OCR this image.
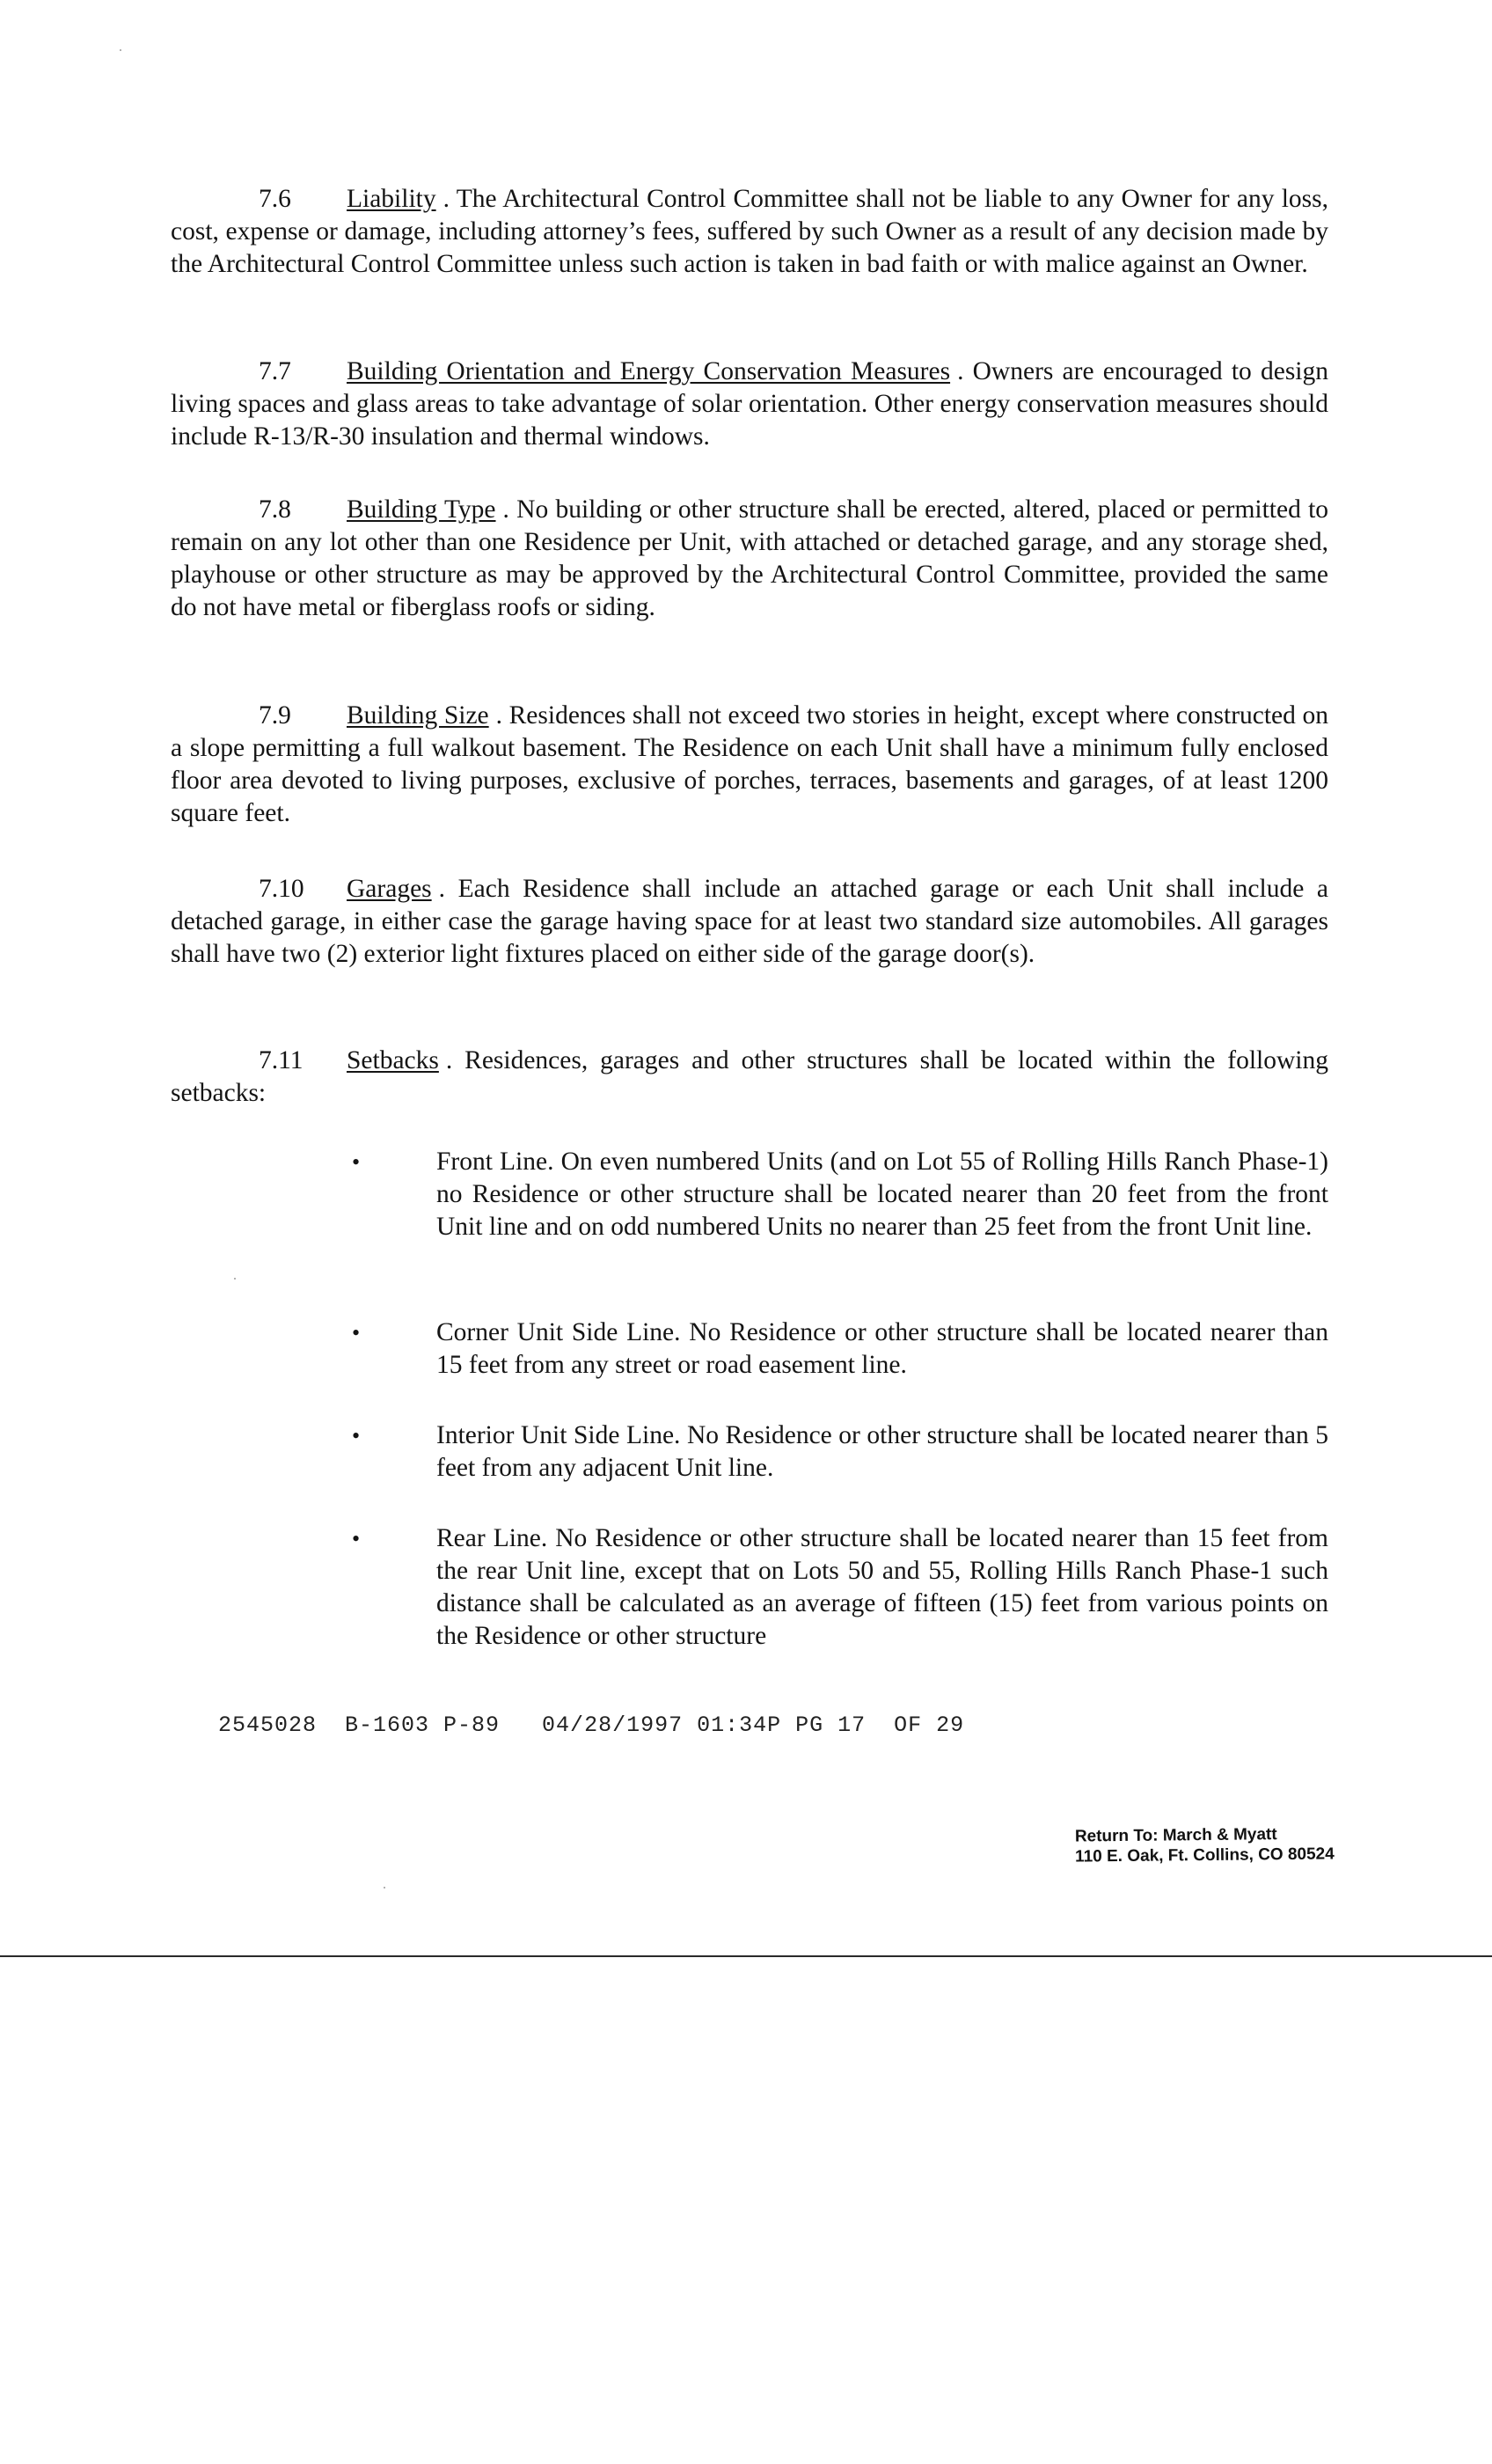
7.6 Liability . The Architectural Control Committee shall not be liable to any Owner for any loss, cost, expense or damage, including attorney’s fees, suffered by such Owner as a result of any decision made by the Architectural Control Committee unless such action is taken in bad faith or with malice against an Owner.

7.7 Building Orientation and Energy Conservation Measures . Owners are encouraged to design living spaces and glass areas to take advantage of solar orientation. Other energy conservation measures should include R-13/R-30 insulation and thermal windows.

7.8 Building Type . No building or other structure shall be erected, altered, placed or permitted to remain on any lot other than one Residence per Unit, with attached or detached garage, and any storage shed, playhouse or other structure as may be approved by the Architectural Control Committee, provided the same do not have metal or fiberglass roofs or siding.

7.9 Building Size . Residences shall not exceed two stories in height, except where constructed on a slope permitting a full walkout basement. The Residence on each Unit shall have a minimum fully enclosed floor area devoted to living purposes, exclusive of porches, terraces, basements and garages, of at least 1200 square feet.

7.10 Garages . Each Residence shall include an attached garage or each Unit shall include a detached garage, in either case the garage having space for at least two standard size automobiles. All garages shall have two (2) exterior light fixtures placed on either side of the garage door(s).

7.11 Setbacks . Residences, garages and other structures shall be located within the following setbacks:

•	Front Line. On even numbered Units (and on Lot 55 of Rolling Hills Ranch Phase-1) no Residence or other structure shall be located nearer than 20 feet from the front Unit line and on odd numbered Units no nearer than 25 feet from the front Unit line.

•	Corner Unit Side Line. No Residence or other structure shall be located nearer than 15 feet from any street or road easement line.

•	Interior Unit Side Line. No Residence or other structure shall be located nearer than 5 feet from any adjacent Unit line.

•	Rear Line. No Residence or other structure shall be located nearer than 15 feet from the rear Unit line, except that on Lots 50 and 55, Rolling Hills Ranch Phase-1 such distance shall be calculated as an average of fifteen (15) feet from various points on the Residence or other structure

2545028  B-1603 P-89   04/28/1997 01:34P PG 17  OF 29
Return To: March & Myatt
110 E. Oak, Ft. Collins, CO 80524
